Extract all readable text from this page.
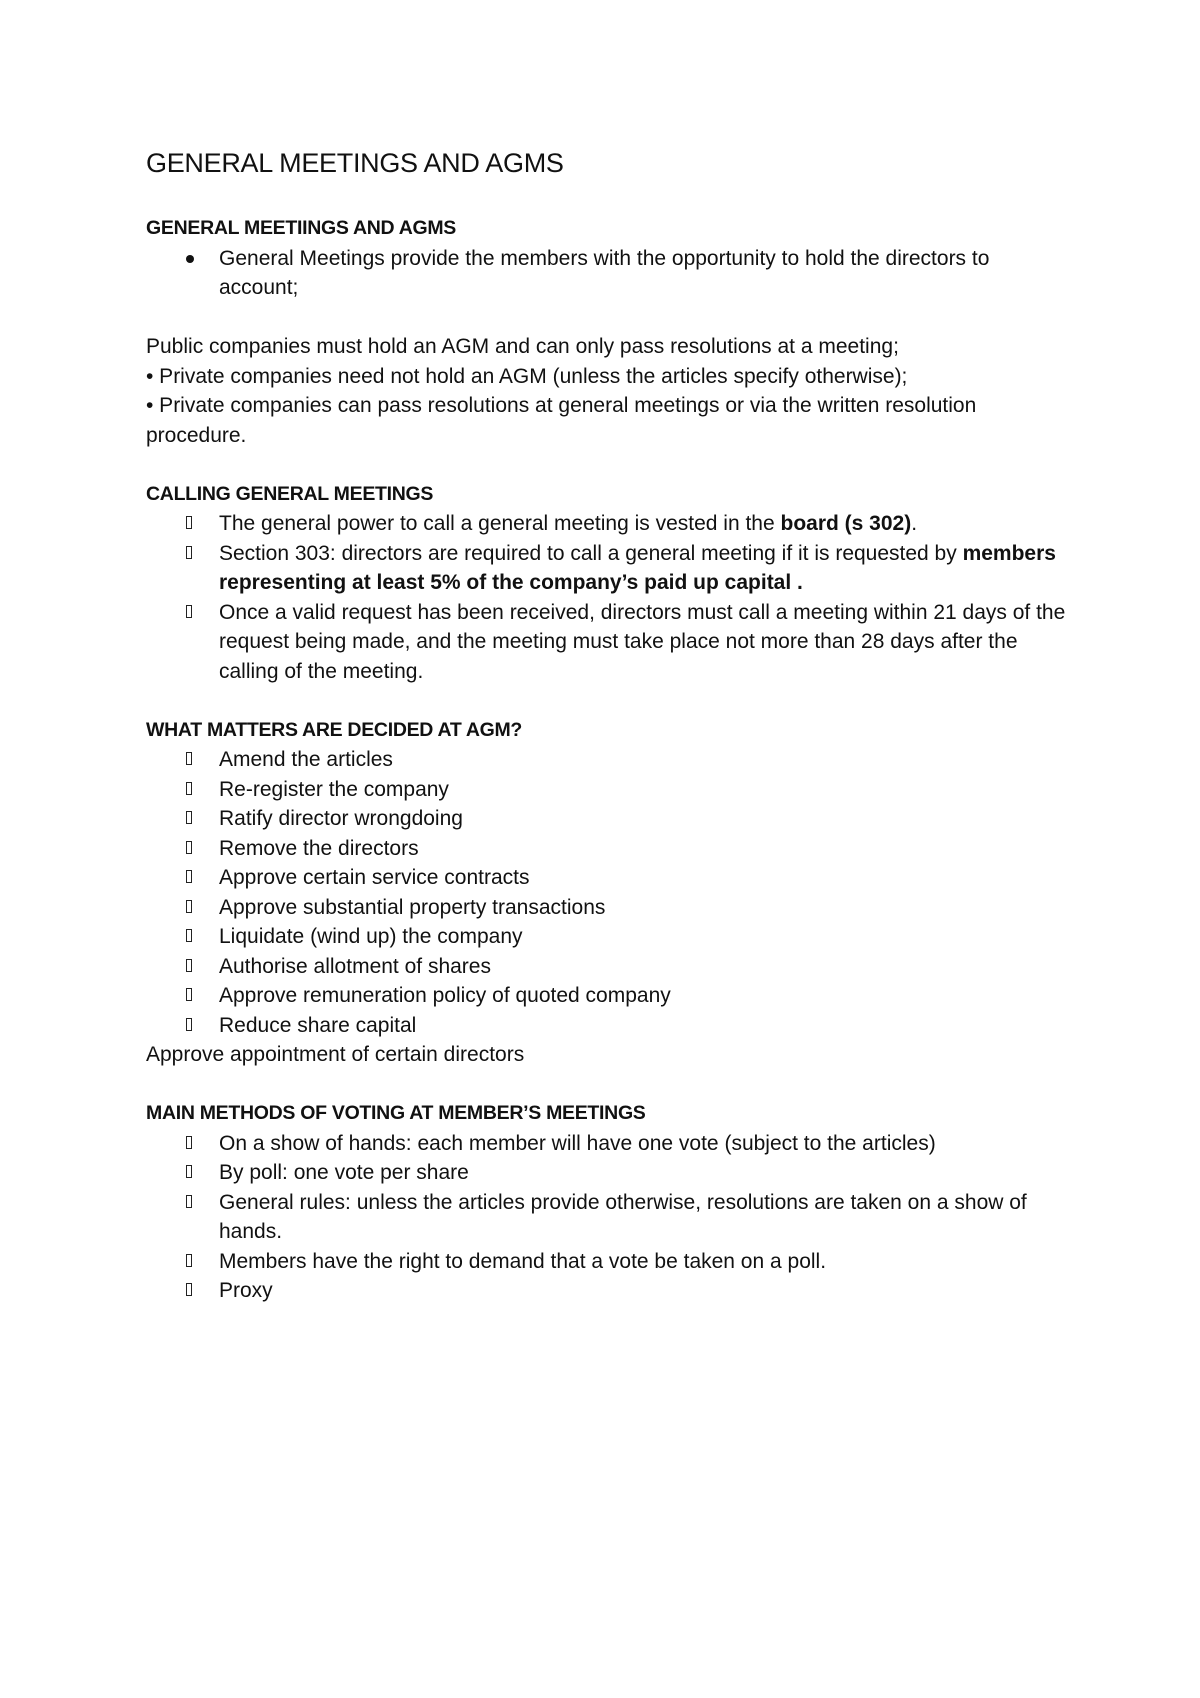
GENERAL MEETINGS AND AGMS
GENERAL MEETIINGS AND AGMS
General Meetings provide the members with the opportunity to hold the directors to account;

Public companies must hold an AGM and can only pass resolutions at a meeting;

• Private companies need not hold an AGM (unless the articles specify otherwise);

• Private companies can pass resolutions at general meetings or via the written resolution procedure.

CALLING GENERAL MEETINGS
The general power to call a general meeting is vested in the board (s 302).
Section 303: directors are required to call a general meeting if it is requested by members representing at least 5% of the company’s paid up capital .
Once a valid request has been received, directors must call a meeting within 21 days of the request being made, and the meeting must take place not more than 28 days after the calling of the meeting.
WHAT MATTERS ARE DECIDED AT AGM?
Amend the articles
Re-register the company
Ratify director wrongdoing
Remove the directors
Approve certain service contracts
Approve substantial property transactions
Liquidate (wind up) the company
Authorise allotment of shares
Approve remuneration policy of quoted company
Reduce share capital

Approve appointment of certain directors

MAIN METHODS OF VOTING AT MEMBER’S MEETINGS
On a show of hands: each member will have one vote (subject to the articles)
By poll: one vote per share
General rules: unless the articles provide otherwise, resolutions are taken on a show of hands.
Members have the right to demand that a vote be taken on a poll.
Proxy
